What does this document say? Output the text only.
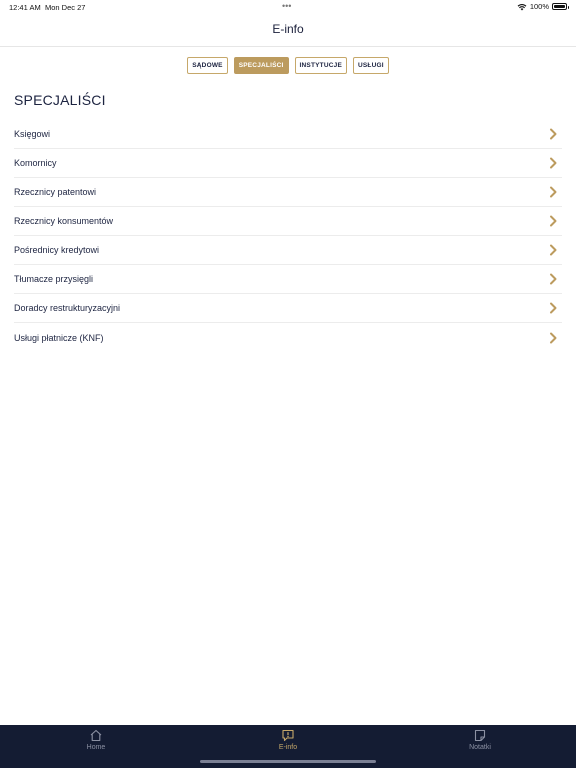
12:41 AM Mon Dec 27	•••	100%
E-info
SĄDOWE	SPECJALIŚCI	INSTYTUCJE	USŁUGI
SPECJALIŚCI
Księgowi
Komornicy
Rzecznicy patentowi
Rzecznicy konsumentów
Pośrednicy kredytowi
Tłumacze przysięgli
Doradcy restrukturyzacyjni
Usługi płatnicze (KNF)
Home	E-info	Notatki
